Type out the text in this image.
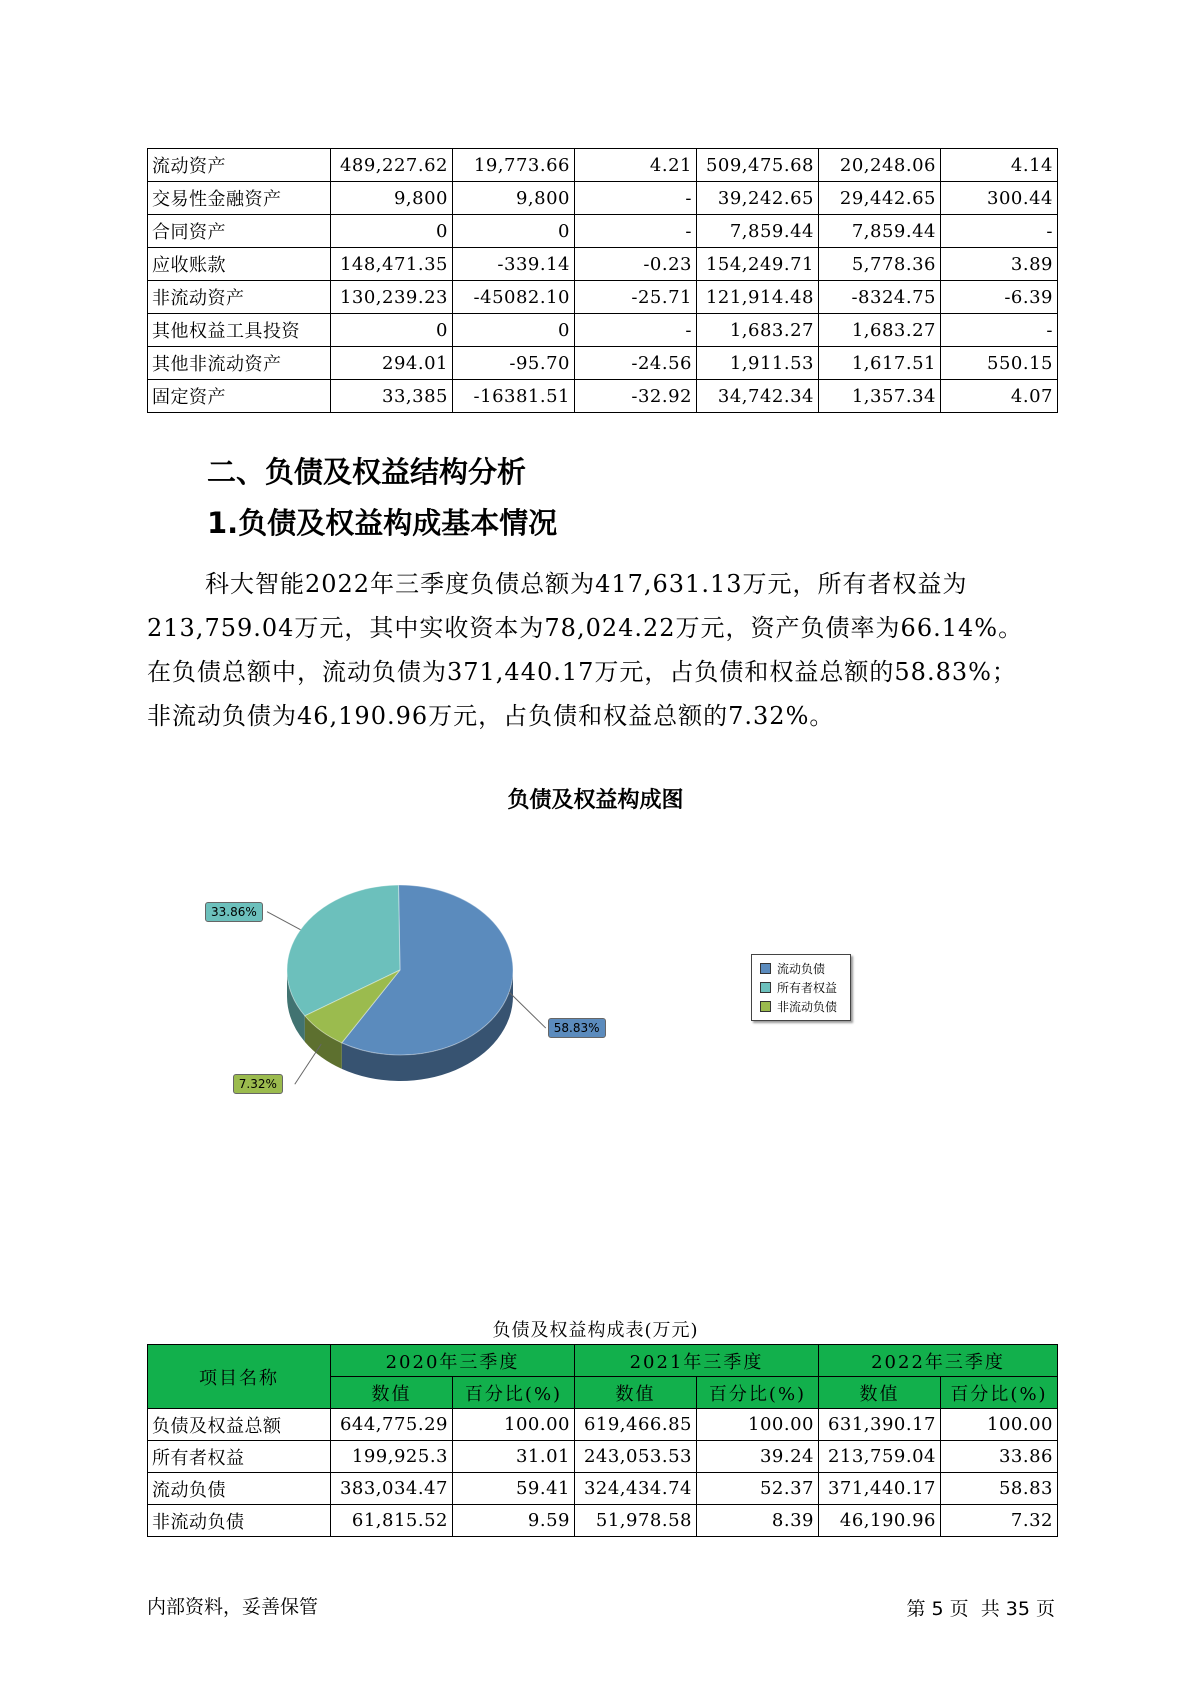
流动资产	489,227.62	19,773.66	4.21	509,475.68	20,248.06	4.14
交易性金融资产	9,800	9,800	-	39,242.65	29,442.65	300.44
合同资产	0	0	-	7,859.44	7,859.44	-
应收账款	148,471.35	-339.14	-0.23	154,249.71	5,778.36	3.89
非流动资产	130,239.23	-45082.10	-25.71	121,914.48	-8324.75	-6.39
其他权益工具投资	0	0	-	1,683.27	1,683.27	-
其他非流动资产	294.01	-95.70	-24.56	1,911.53	1,617.51	550.15
固定资产	33,385	-16381.51	-32.92	34,742.34	1,357.34	4.07
二、负债及权益结构分析
1.负债及权益构成基本情况
科大智能2022年三季度负债总额为417,631.13万元，所有者权益为
213,759.04万元，其中实收资本为78,024.22万元，资产负债率为66.14%。
在负债总额中，流动负债为371,440.17万元，占负债和权益总额的58.83%；
非流动负债为46,190.96万元，占负债和权益总额的7.32%。
负债及权益构成图
58.83%
33.86%
7.32%
流动负债
所有者权益
非流动负债
负债及权益构成表(万元)
项目名称	2020年三季度		2021年三季度		2022年三季度	
	数值	百分比(%)	数值	百分比(%)	数值	百分比(%)
负债及权益总额	644,775.29	100.00	619,466.85	100.00	631,390.17	100.00
所有者权益	199,925.3	31.01	243,053.53	39.24	213,759.04	33.86
流动负债	383,034.47	59.41	324,434.74	52.37	371,440.17	58.83
非流动负债	61,815.52	9.59	51,978.58	8.39	46,190.96	7.32
内部资料，妥善保管	第 5 页  共 35 页
